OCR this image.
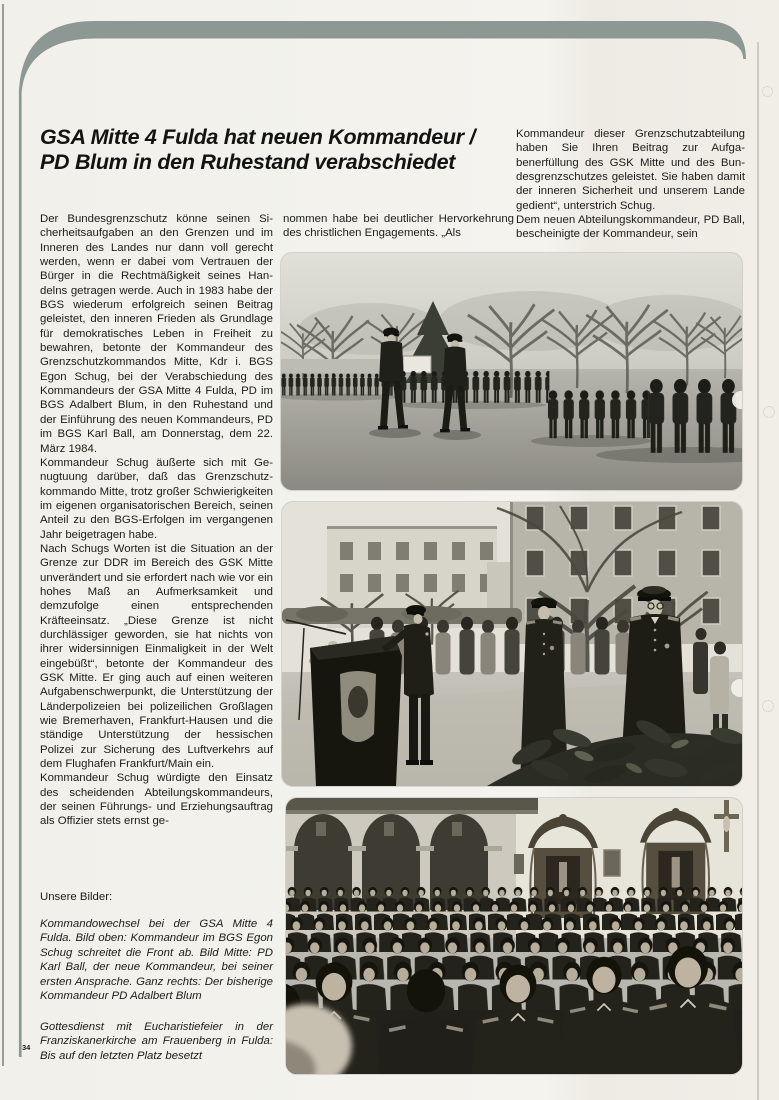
GSA Mitte 4 Fulda hat neuen Kommandeur / PD Blum in den Ruhestand verabschiedet

Der Bundesgrenzschutz könne seinen Sicherheitsaufgaben an den Grenzen und im Inneren des Landes nur dann voll gerecht werden, wenn er dabei vom Vertrauen der Bürger in die Rechtmäßigkeit seines Handelns getragen werde. Auch in 1983 habe der BGS wiederum erfolgreich seinen Beitrag geleistet, den inneren Frieden als Grundlage für demokratisches Leben in Freiheit zu bewahren, betonte der Kommandeur des Grenzschutzkommandos Mitte, Kdr i. BGS Egon Schug, bei der Verabschiedung des Kommandeurs der GSA Mitte 4 Fulda, PD im BGS Adalbert Blum, in den Ruhestand und der Einführung des neuen Kommandeurs, PD im BGS Karl Ball, am Donnerstag, dem 22. März 1984.

Kommandeur Schug äußerte sich mit Genugtuung darüber, daß das Grenzschutzkommando Mitte, trotz großer Schwierigkeiten im eigenen organisatorischen Bereich, seinen Anteil zu den BGS-Erfolgen im vergangenen Jahr beigetragen habe.

Nach Schugs Worten ist die Situation an der Grenze zur DDR im Bereich des GSK Mitte unverändert und sie erfordert nach wie vor ein hohes Maß an Aufmerksamkeit und demzufolge einen entsprechenden Kräfteeinsatz. „Diese Grenze ist nicht durchlässiger geworden, sie hat nichts von ihrer widersinnigen Einmaligkeit in der Welt eingebüßt“, betonte der Kommandeur des GSK Mitte. Er ging auch auf einen weiteren Aufgabenschwerpunkt, die Unterstützung der Länderpolizeien bei polizeilichen Großlagen wie Bremerhaven, Frankfurt-Hausen und die ständige Unterstützung der hessischen Polizei zur Sicherung des Luftverkehrs auf dem Flughafen Frankfurt/Main ein.

Kommandeur Schug würdigte den Einsatz des scheidenden Abteilungskommandeurs, der seinen Führungs- und Erziehungsauftrag als Offizier stets ernst ge-

nommen habe bei deutlicher Hervorkehrung des christlichen Engagements. „Als

Kommandeur dieser Grenzschutzabteilung haben Sie Ihren Beitrag zur Aufgabenerfüllung des GSK Mitte und des Bundesgrenzschutzes geleistet. Sie haben damit der inneren Sicherheit und unserem Lande gedient“, unterstrich Schug.

Dem neuen Abteilungskommandeur, PD Ball, bescheinigte der Kommandeur, sein

Unsere Bilder:

Kommandowechsel bei der GSA Mitte 4 Fulda. Bild oben: Kommandeur im BGS Egon Schug schreitet die Front ab. Bild Mitte: PD Karl Ball, der neue Kommandeur, bei seiner ersten Ansprache. Ganz rechts: Der bisherige Kommandeur PD Adalbert Blum

Gottesdienst mit Eucharistiefeier in der Franziskanerkirche am Frauenberg in Fulda: Bis auf den letzten Platz besetzt

34
